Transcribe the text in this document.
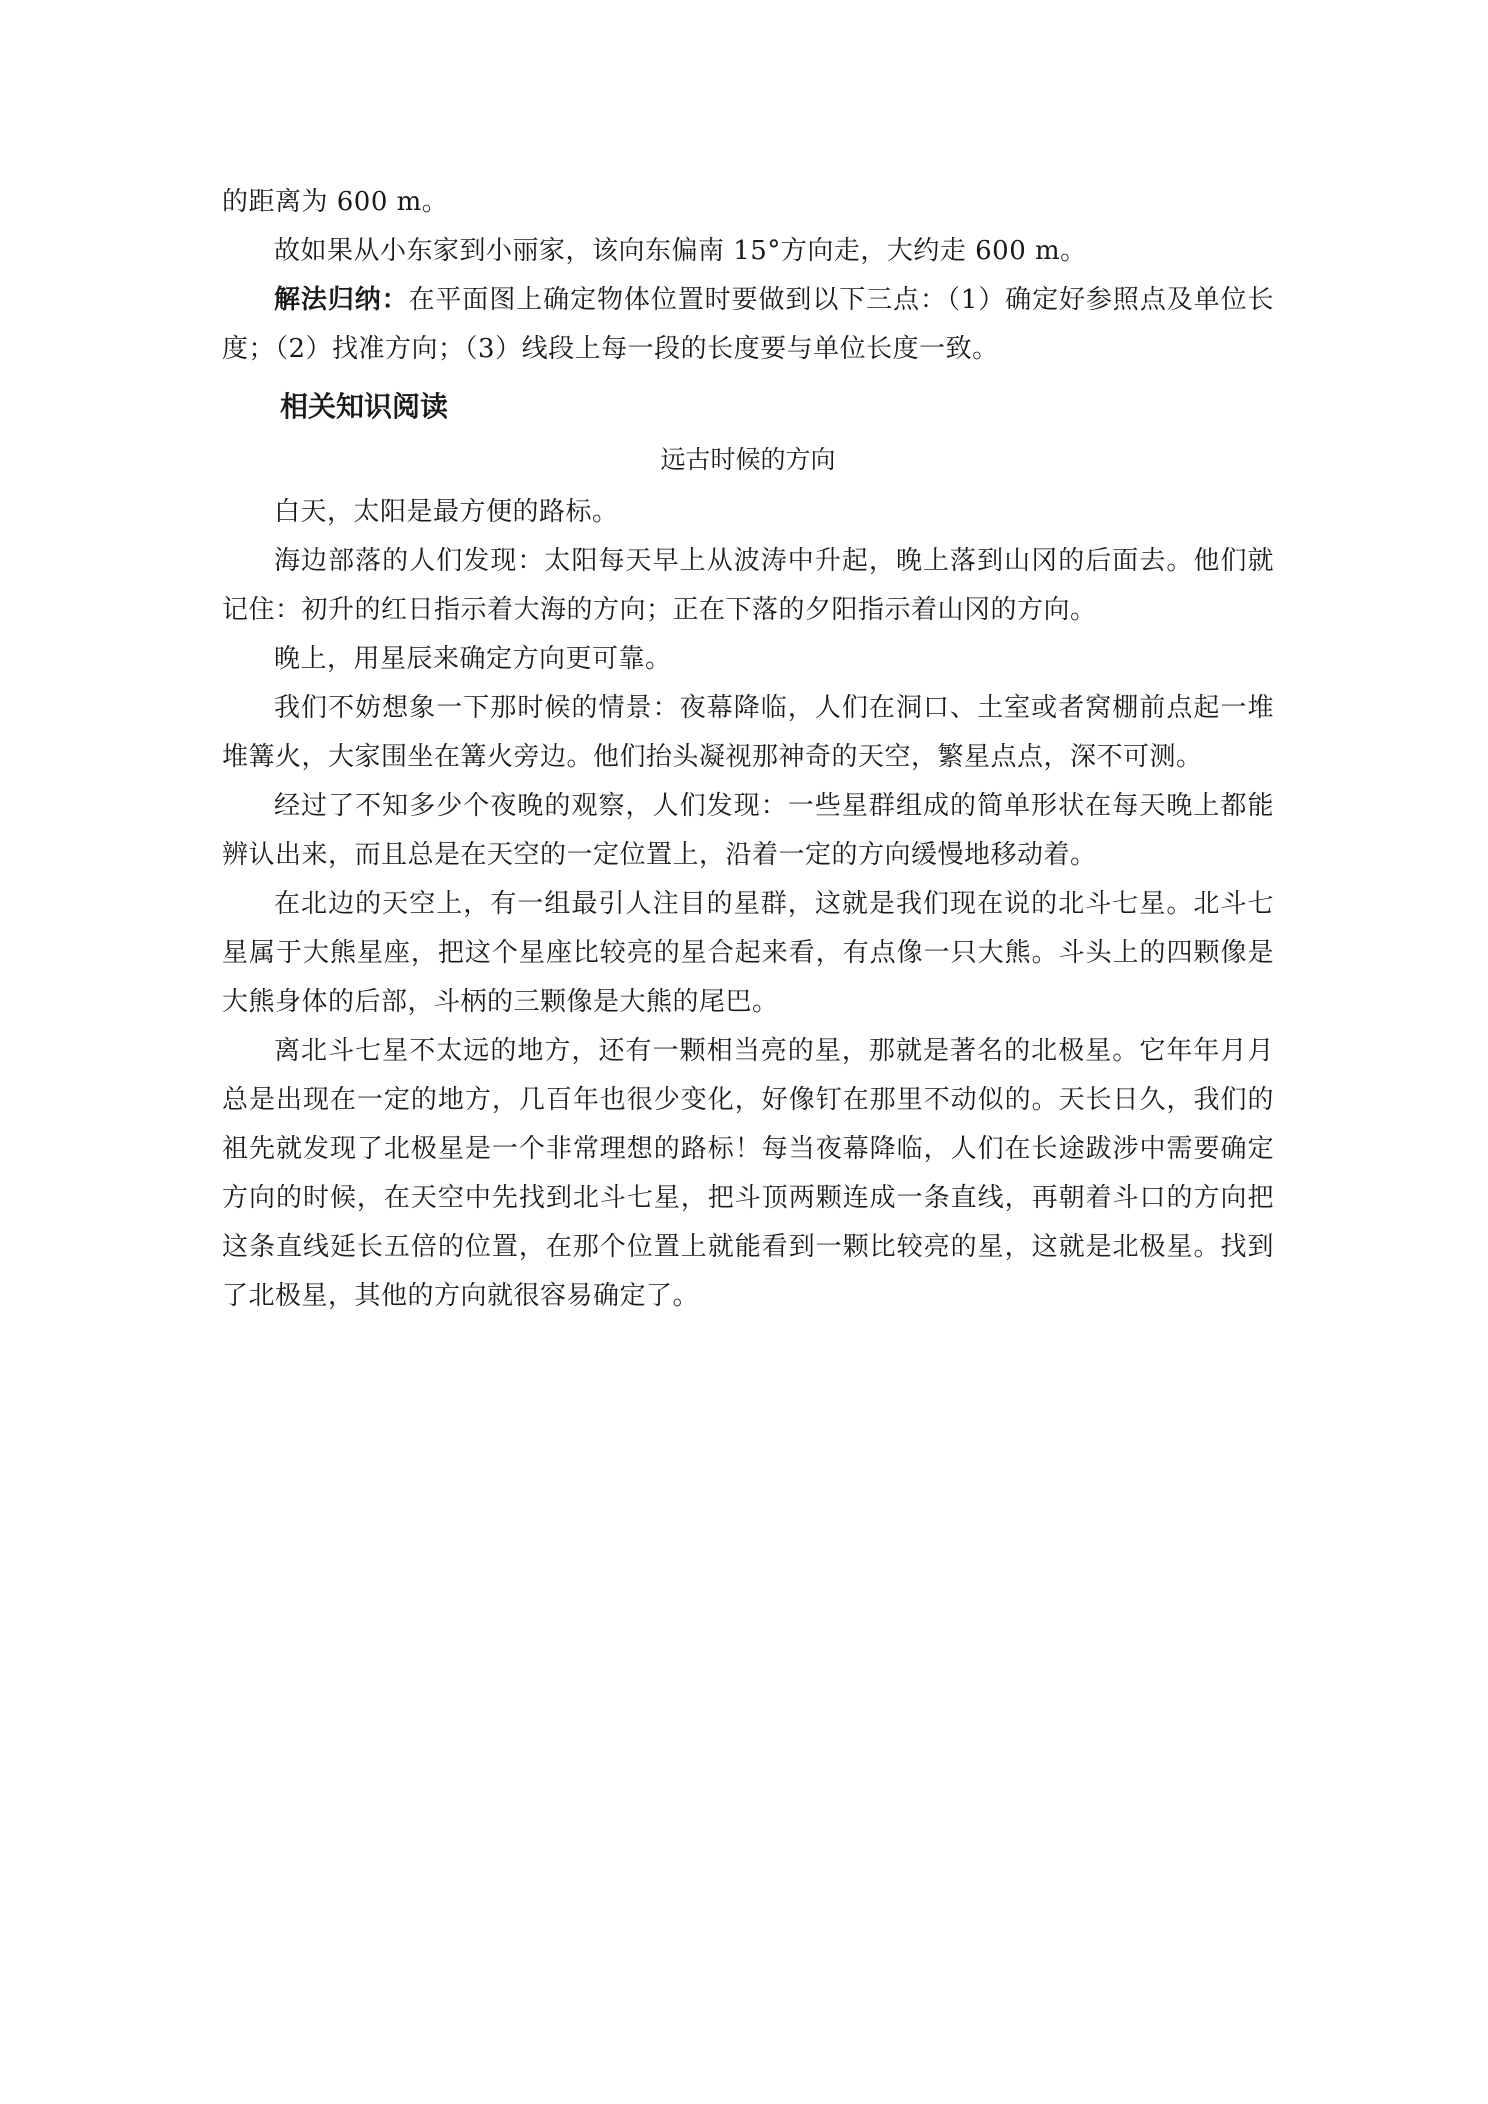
的距离为 600 m。

故如果从小东家到小丽家，该向东偏南 15°方向走，大约走 600 m。

解法归纳：在平面图上确定物体位置时要做到以下三点：（1）确定好参照点及单位长度；（2）找准方向；（3）线段上每一段的长度要与单位长度一致。

相关知识阅读
远古时候的方向

白天，太阳是最方便的路标。

海边部落的人们发现：太阳每天早上从波涛中升起，晚上落到山冈的后面去。他们就记住：初升的红日指示着大海的方向；正在下落的夕阳指示着山冈的方向。

晚上，用星辰来确定方向更可靠。

我们不妨想象一下那时候的情景：夜幕降临，人们在洞口、土室或者窝棚前点起一堆堆篝火，大家围坐在篝火旁边。他们抬头凝视那神奇的天空，繁星点点，深不可测。

经过了不知多少个夜晚的观察，人们发现：一些星群组成的简单形状在每天晚上都能辨认出来，而且总是在天空的一定位置上，沿着一定的方向缓慢地移动着。

在北边的天空上，有一组最引人注目的星群，这就是我们现在说的北斗七星。北斗七星属于大熊星座，把这个星座比较亮的星合起来看，有点像一只大熊。斗头上的四颗像是大熊身体的后部，斗柄的三颗像是大熊的尾巴。

离北斗七星不太远的地方，还有一颗相当亮的星，那就是著名的北极星。它年年月月总是出现在一定的地方，几百年也很少变化，好像钉在那里不动似的。天长日久，我们的祖先就发现了北极星是一个非常理想的路标！每当夜幕降临，人们在长途跋涉中需要确定方向的时候，在天空中先找到北斗七星，把斗顶两颗连成一条直线，再朝着斗口的方向把这条直线延长五倍的位置，在那个位置上就能看到一颗比较亮的星，这就是北极星。找到了北极星，其他的方向就很容易确定了。
